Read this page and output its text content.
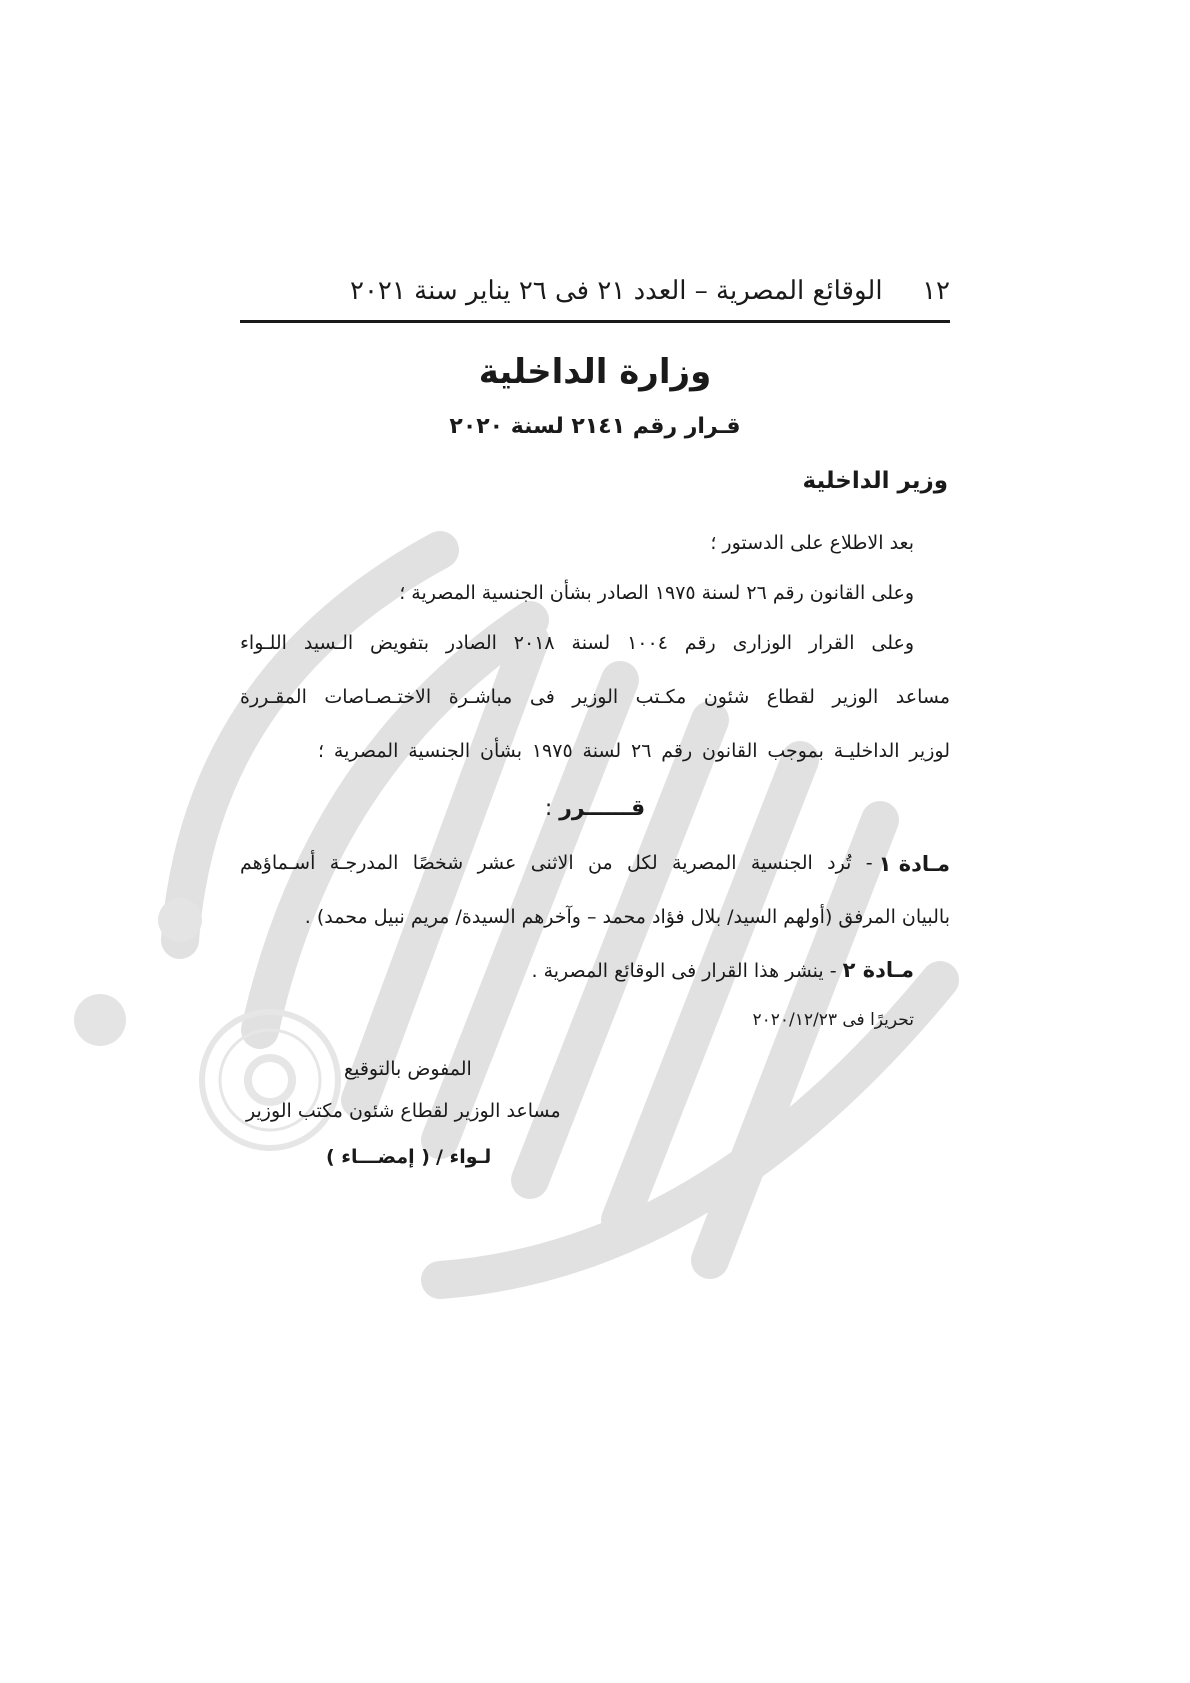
١٢
الوقائع المصرية – العدد ٢١ فى ٢٦ يناير سنة ٢٠٢١
وزارة الداخلية
قـرار رقم ٢١٤١ لسنة ٢٠٢٠
وزير الداخلية
بعد الاطلاع على الدستور ؛
وعلى القانون رقم ٢٦ لسنة ١٩٧٥ الصادر بشأن الجنسية المصرية ؛
وعلى القرار الوزارى رقم ١٠٠٤ لسنة ٢٠١٨ الصادر بتفويض الـسيد اللـواء
مساعد الوزير لقطاع شئون مكـتب الوزير فى مباشـرة الاختـصـاصات المقـررة
لوزير الداخليـة بموجب القانون رقم ٢٦ لسنة ١٩٧٥ بشأن الجنسية المصرية ؛
قــــــرر :
مـادة ١
- تُرد الجنسية المصرية لكل من الاثنى عشر شخصًا المدرجـة أسـماؤهم
بالبيان المرفق (أولهم السيد/ بلال فؤاد محمد – وآخرهم السيدة/ مريم نبيل محمد) .
مـادة ٢ - ينشر هذا القرار فى الوقائع المصرية .
تحريرًا فى ٢٠٢٠/١٢/٢٣
المفوض بالتوقيع
مساعد الوزير لقطاع شئون مكتب الوزير
لـواء / ( إمضـــاء )
